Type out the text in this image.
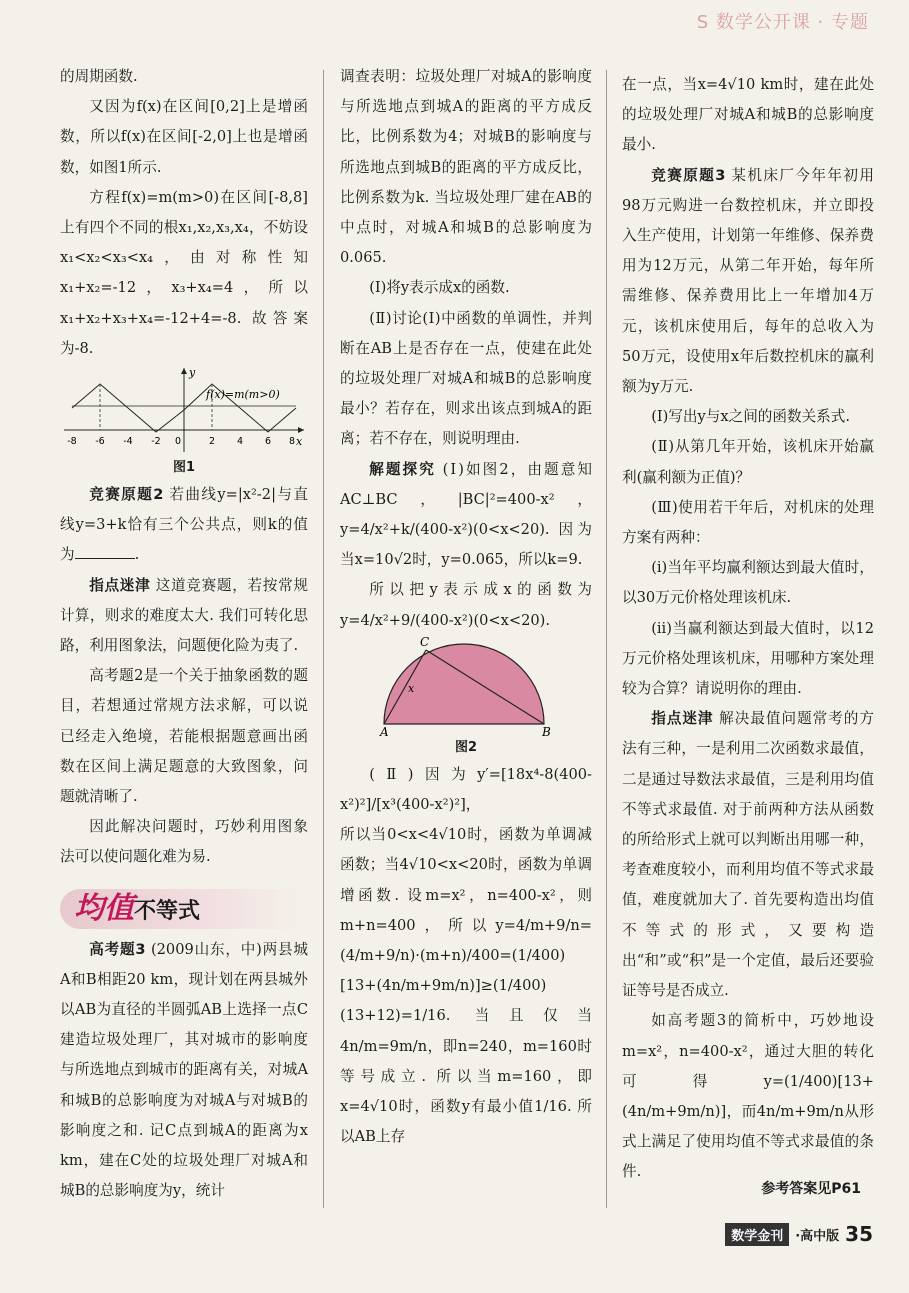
S 数学公开课 · 专题

的周期函数.

又因为f(x)在区间[0,2]上是增函数，所以f(x)在区间[-2,0]上也是增函数，如图1所示.

方程f(x)=m(m>0)在区间[-8,8]上有四个不同的根x₁,x₂,x₃,x₄，不妨设x₁<x₂<x₃<x₄，由对称性知x₁+x₂=-12，x₃+x₄=4，所以x₁+x₂+x₃+x₄=-12+4=-8. 故答案为-8.

f(x)=m(m>0)
y
x
-8 -6 -4 -2 0	2 4 6 8
图1

竞赛原题2 若曲线y=|x²-2|与直线y=3+k恰有三个公共点，则k的值为	.

指点迷津 这道竞赛题，若按常规计算，则求的难度太大. 我们可转化思路，利用图象法，问题便化险为夷了.

高考题2是一个关于抽象函数的题目，若想通过常规方法求解，可以说已经走入绝境，若能根据题意画出函数在区间上满足题意的大致图象，问题就清晰了.

因此解决问题时，巧妙利用图象法可以使问题化难为易.

均值不等式

高考题3 (2009山东，中)两县城A和B相距20 km，现计划在两县城外以AB为直径的半圆弧AB上选择一点C建造垃圾处理厂，其对城市的影响度与所选地点到城市的距离有关，对城A和城B的总影响度为对城A与对城B的影响度之和. 记C点到城A的距离为x km，建在C处的垃圾处理厂对城A和城B的总影响度为y，统计

调查表明：垃圾处理厂对城A的影响度与所选地点到城A的距离的平方成反比，比例系数为4；对城B的影响度与所选地点到城B的距离的平方成反比，比例系数为k. 当垃圾处理厂建在AB的中点时，对城A和城B的总影响度为0.065.

(Ⅰ)将y表示成x的函数.

(Ⅱ)讨论(Ⅰ)中函数的单调性，并判断在AB上是否存在一点，使建在此处的垃圾处理厂对城A和城B的总影响度最小？若存在，则求出该点到城A的距离；若不存在，则说明理由.

解题探究 (Ⅰ)如图2，由题意知AC⊥BC，|BC|²=400-x²，y=4/x²+k/(400-x²)(0<x<20). 因为当x=10√2时，y=0.065，所以k=9.

所以把y表示成x的函数为y=4/x²+9/(400-x²)(0<x<20).

A	B
C
x
图2

(Ⅱ)因为y′=[18x⁴-8(400-x²)²]/[x³(400-x²)²]，

所以当0<x<4√10时，函数为单调减函数；当4√10<x<20时，函数为单调增函数. 设m=x²，n=400-x²，则m+n=400，所以y=4/m+9/n=(4/m+9/n)·(m+n)/400=(1/400)[13+(4n/m+9m/n)]≥(1/400)(13+12)=1/16. 当且仅当4n/m=9m/n，即n=240，m=160时等号成立. 所以当m=160，即x=4√10时，函数y有最小值1/16. 所以AB上存

在一点，当x=4√10 km时，建在此处的垃圾处理厂对城A和城B的总影响度最小.

竞赛原题3 某机床厂今年年初用98万元购进一台数控机床，并立即投入生产使用，计划第一年维修、保养费用为12万元，从第二年开始，每年所需维修、保养费用比上一年增加4万元，该机床使用后，每年的总收入为50万元，设使用x年后数控机床的赢利额为y万元.

(Ⅰ)写出y与x之间的函数关系式.

(Ⅱ)从第几年开始，该机床开始赢利(赢利额为正值)？

(Ⅲ)使用若干年后，对机床的处理方案有两种：

(i)当年平均赢利额达到最大值时，以30万元价格处理该机床.

(ii)当赢利额达到最大值时，以12万元价格处理该机床，用哪种方案处理较为合算？请说明你的理由.

指点迷津 解决最值问题常考的方法有三种，一是利用二次函数求最值，二是通过导数法求最值，三是利用均值不等式求最值. 对于前两种方法从函数的所给形式上就可以判断出用哪一种，考查难度较小，而利用均值不等式求最值，难度就加大了. 首先要构造出均值不等式的形式，又要构造出“和”或“积”是一个定值，最后还要验证等号是否成立.

如高考题3的简析中，巧妙地设m=x²，n=400-x²，通过大胆的转化可得y=(1/400)[13+(4n/m+9m/n)]，而4n/m+9m/n从形式上满足了使用均值不等式求最值的条件.

参考答案见P61
数学金刊 ·高中版 35
